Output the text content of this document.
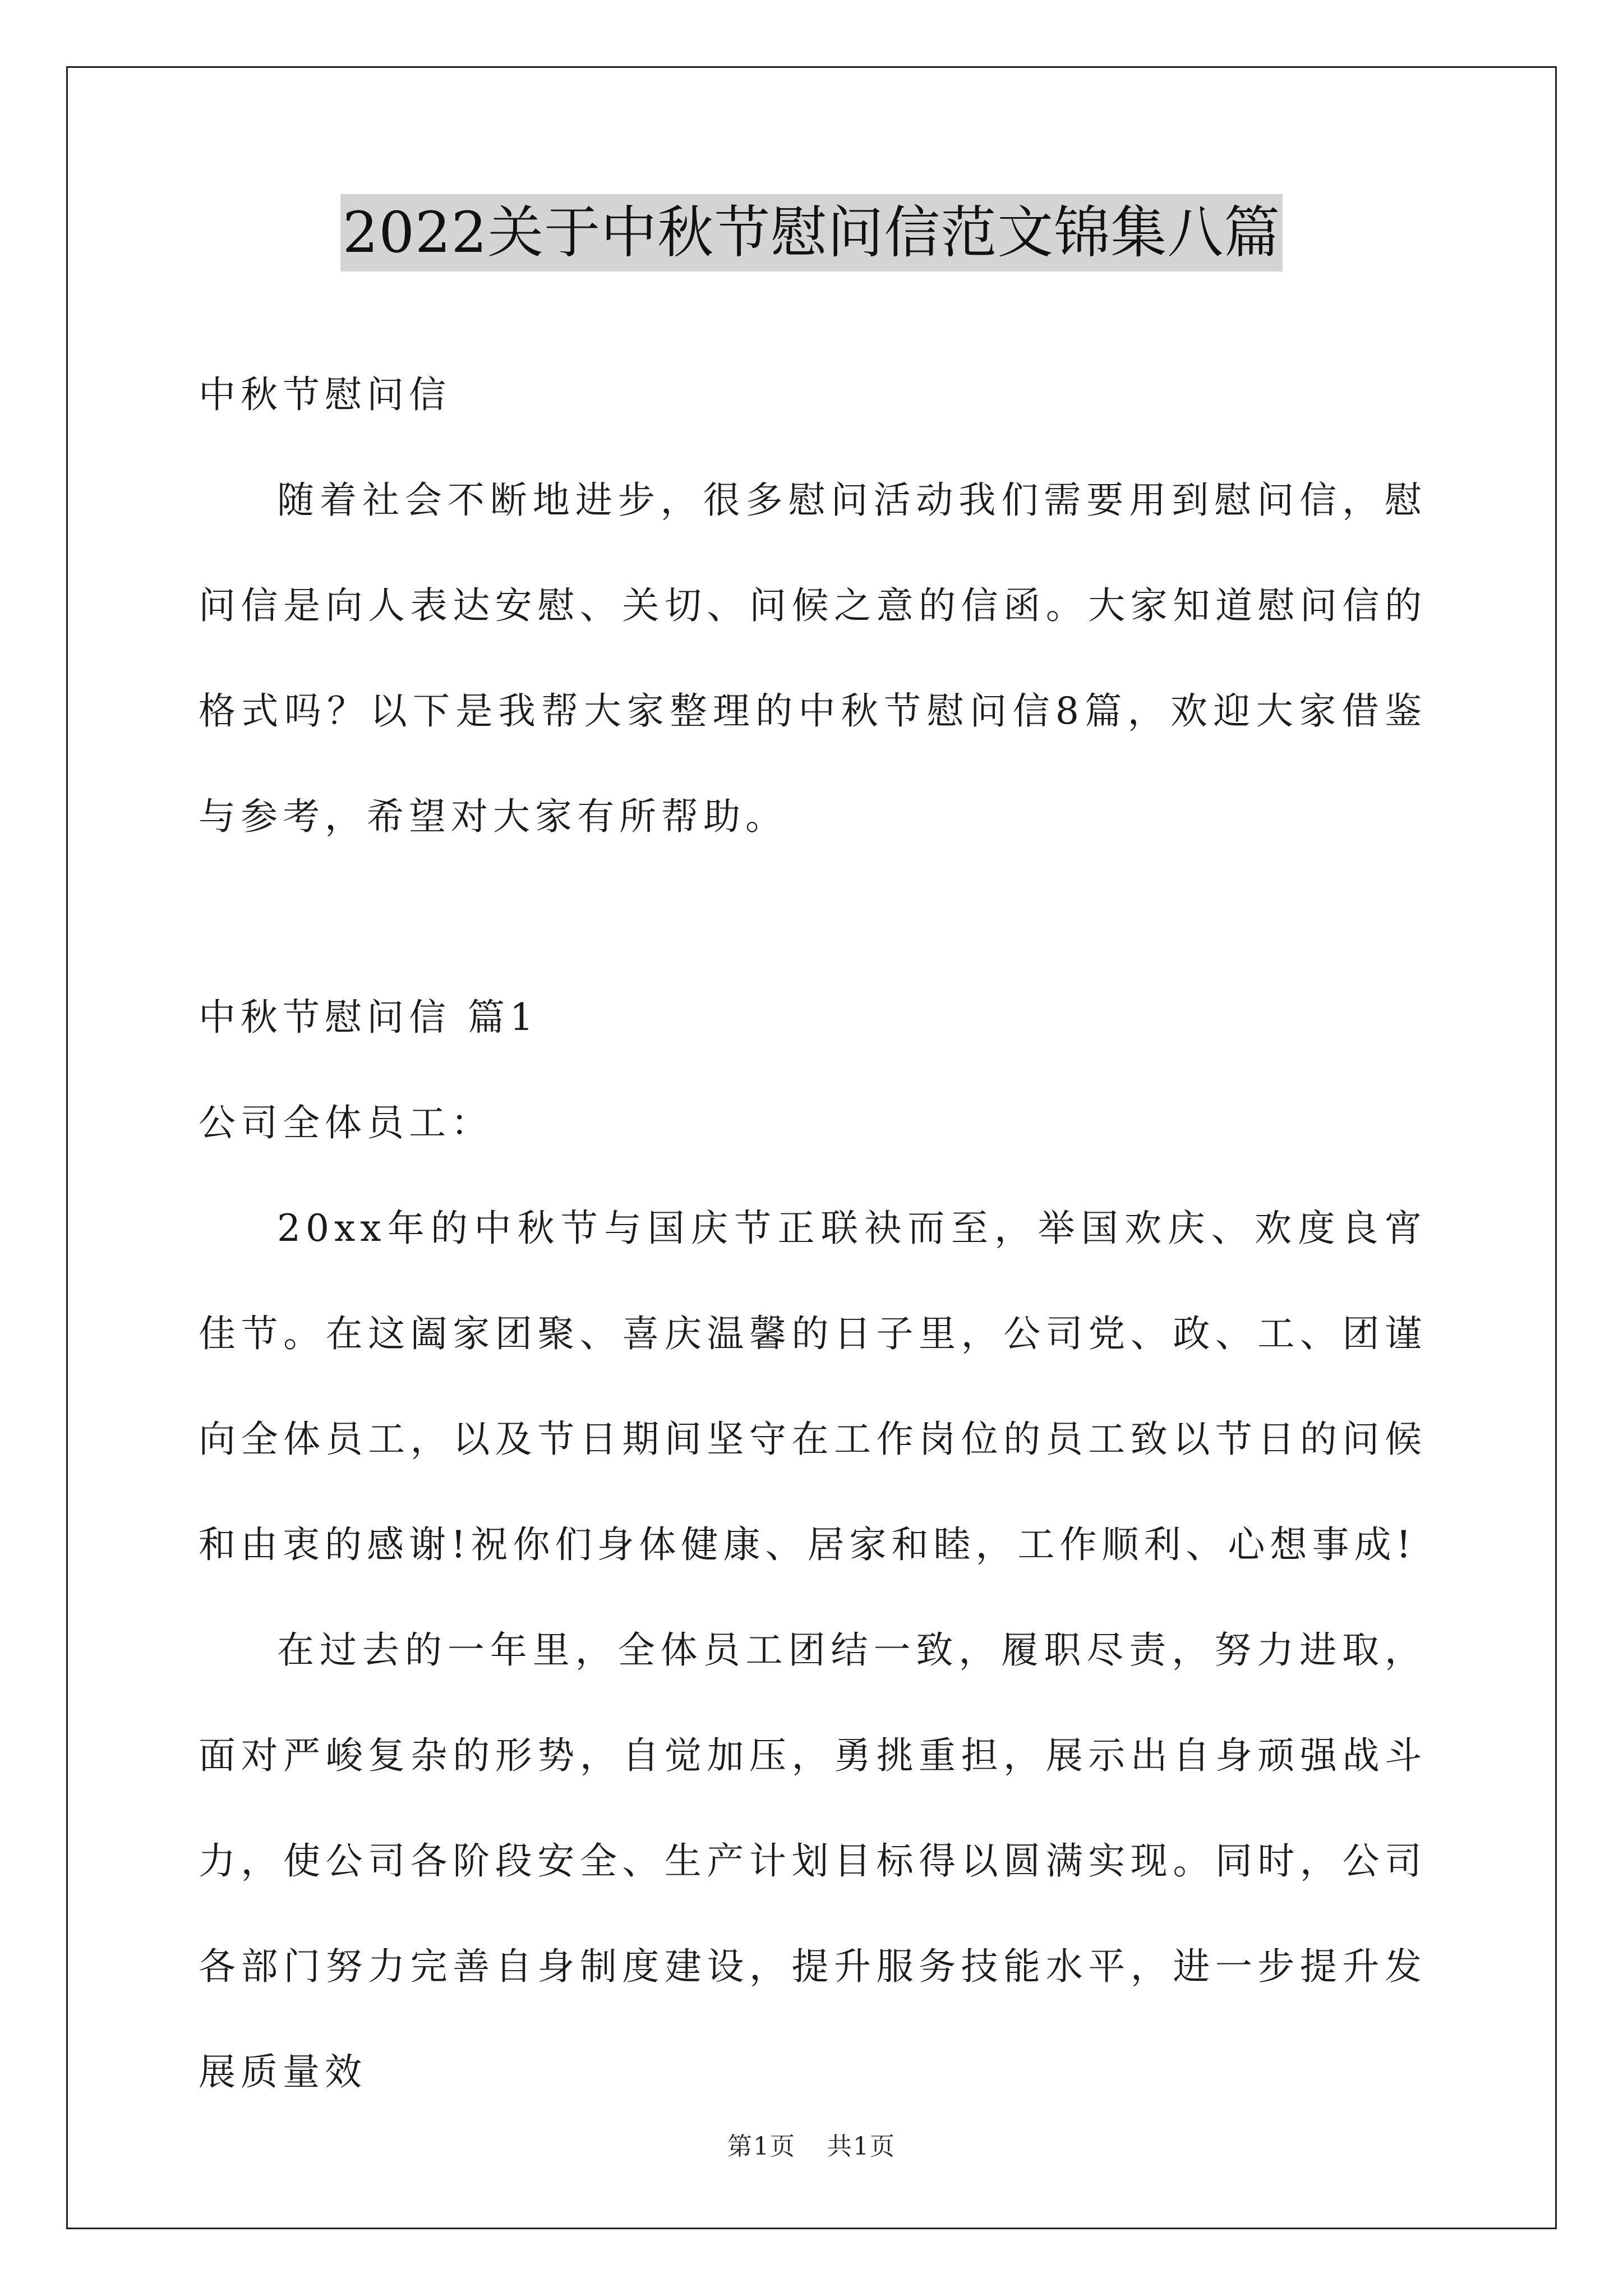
2022关于中秋节慰问信范文锦集八篇

中秋节慰问信

随着社会不断地进步，很多慰问活动我们需要用到慰问信，慰问信是向人表达安慰、关切、问候之意的信函。大家知道慰问信的格式吗？以下是我帮大家整理的中秋节慰问信8篇，欢迎大家借鉴与参考，希望对大家有所帮助。

中秋节慰问信 篇1

公司全体员工：

20xx年的中秋节与国庆节正联袂而至，举国欢庆、欢度良宵佳节。在这阖家团聚、喜庆温馨的日子里，公司党、政、工、团谨向全体员工，以及节日期间坚守在工作岗位的员工致以节日的问候和由衷的感谢!祝你们身体健康、居家和睦，工作顺利、心想事成!

在过去的一年里，全体员工团结一致，履职尽责，努力进取，面对严峻复杂的形势，自觉加压，勇挑重担，展示出自身顽强战斗力，使公司各阶段安全、生产计划目标得以圆满实现。同时，公司各部门努力完善自身制度建设，提升服务技能水平，进一步提升发展质量效

第1页 共1页
